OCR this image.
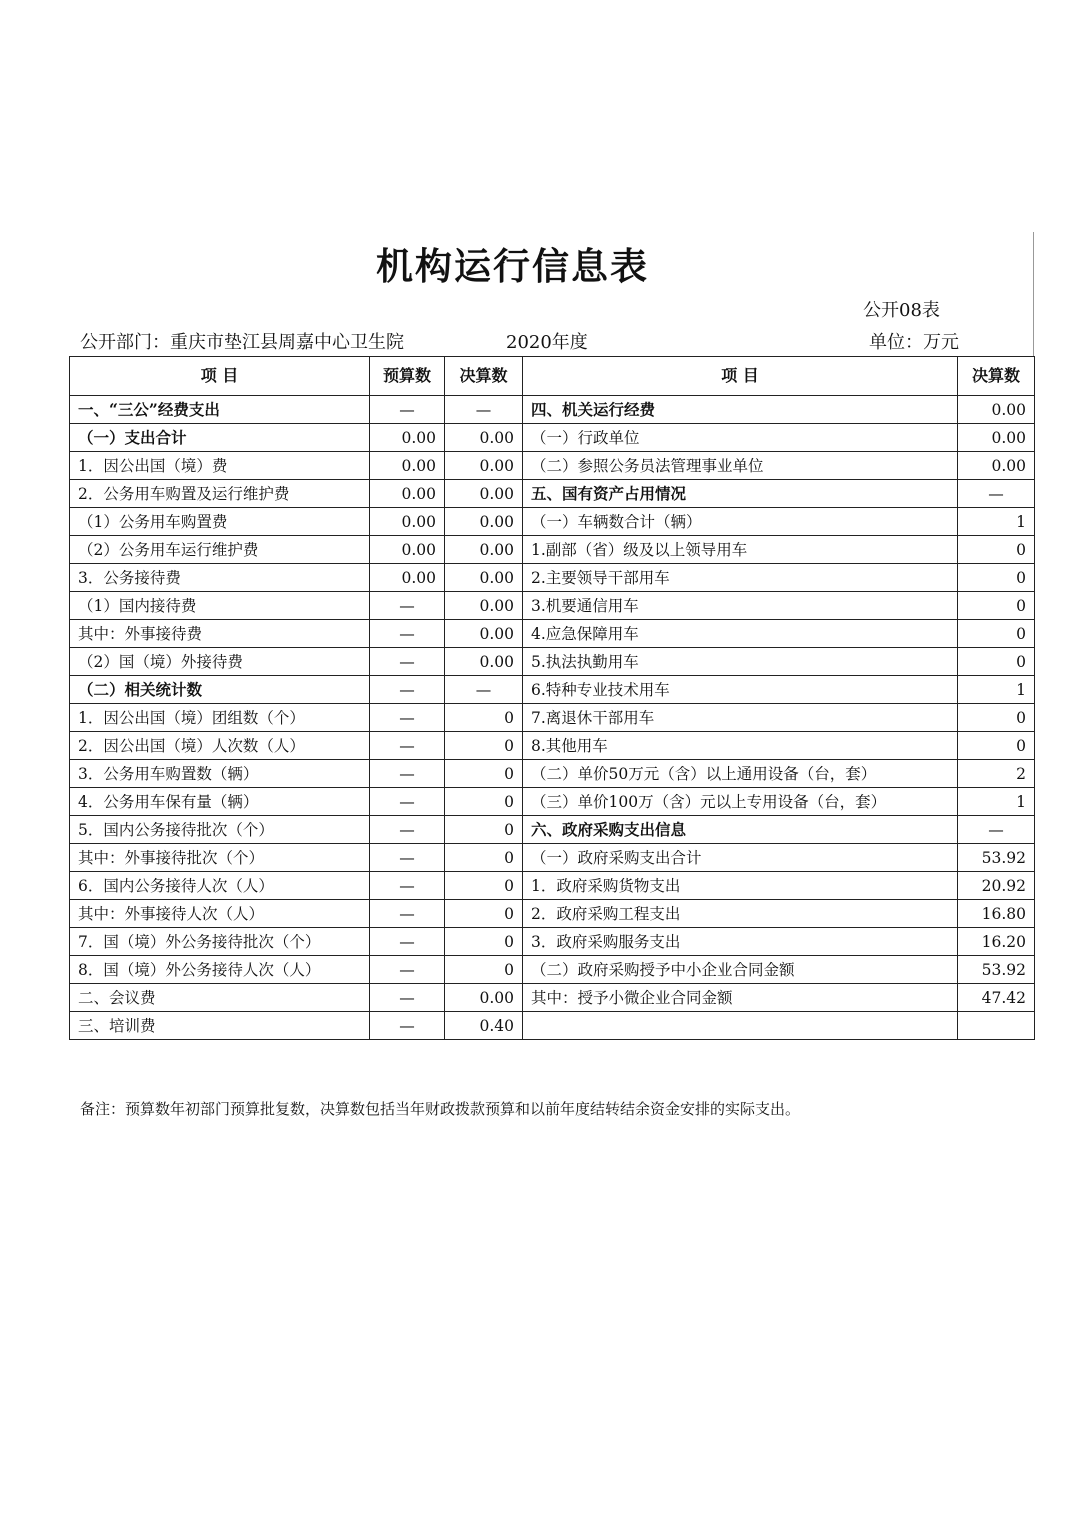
机构运行信息表
公开08表
公开部门：重庆市垫江县周嘉中心卫生院	2020年度	单位：万元
项 目	预算数	决算数	项 目	决算数
一、“三公”经费支出	—	—	四、机关运行经费	0.00
（一）支出合计	0.00	0.00	（一）行政单位	0.00
1．因公出国（境）费	0.00	0.00	（二）参照公务员法管理事业单位	0.00
2．公务用车购置及运行维护费	0.00	0.00	五、国有资产占用情况	—
（1）公务用车购置费	0.00	0.00	（一）车辆数合计（辆）	1
（2）公务用车运行维护费	0.00	0.00	1.副部（省）级及以上领导用车	0
3．公务接待费	0.00	0.00	2.主要领导干部用车	0
（1）国内接待费	—	0.00	3.机要通信用车	0
其中：外事接待费	—	0.00	4.应急保障用车	0
（2）国（境）外接待费	—	0.00	5.执法执勤用车	0
（二）相关统计数	—	—	6.特种专业技术用车	1
1．因公出国（境）团组数（个）	—	0	7.离退休干部用车	0
2．因公出国（境）人次数（人）	—	0	8.其他用车	0
3．公务用车购置数（辆）	—	0	（二）单价50万元（含）以上通用设备（台，套）	2
4．公务用车保有量（辆）	—	0	（三）单价100万（含）元以上专用设备（台，套）	1
5．国内公务接待批次（个）	—	0	六、政府采购支出信息	—
其中：外事接待批次（个）	—	0	（一）政府采购支出合计	53.92
6．国内公务接待人次（人）	—	0	1．政府采购货物支出	20.92
其中：外事接待人次（人）	—	0	2．政府采购工程支出	16.80
7．国（境）外公务接待批次（个）	—	0	3．政府采购服务支出	16.20
8．国（境）外公务接待人次（人）	—	0	（二）政府采购授予中小企业合同金额	53.92
二、会议费	—	0.00	其中：授予小微企业合同金额	47.42
三、培训费	—	0.40		
备注：预算数年初部门预算批复数，决算数包括当年财政拨款预算和以前年度结转结余资金安排的实际支出。
